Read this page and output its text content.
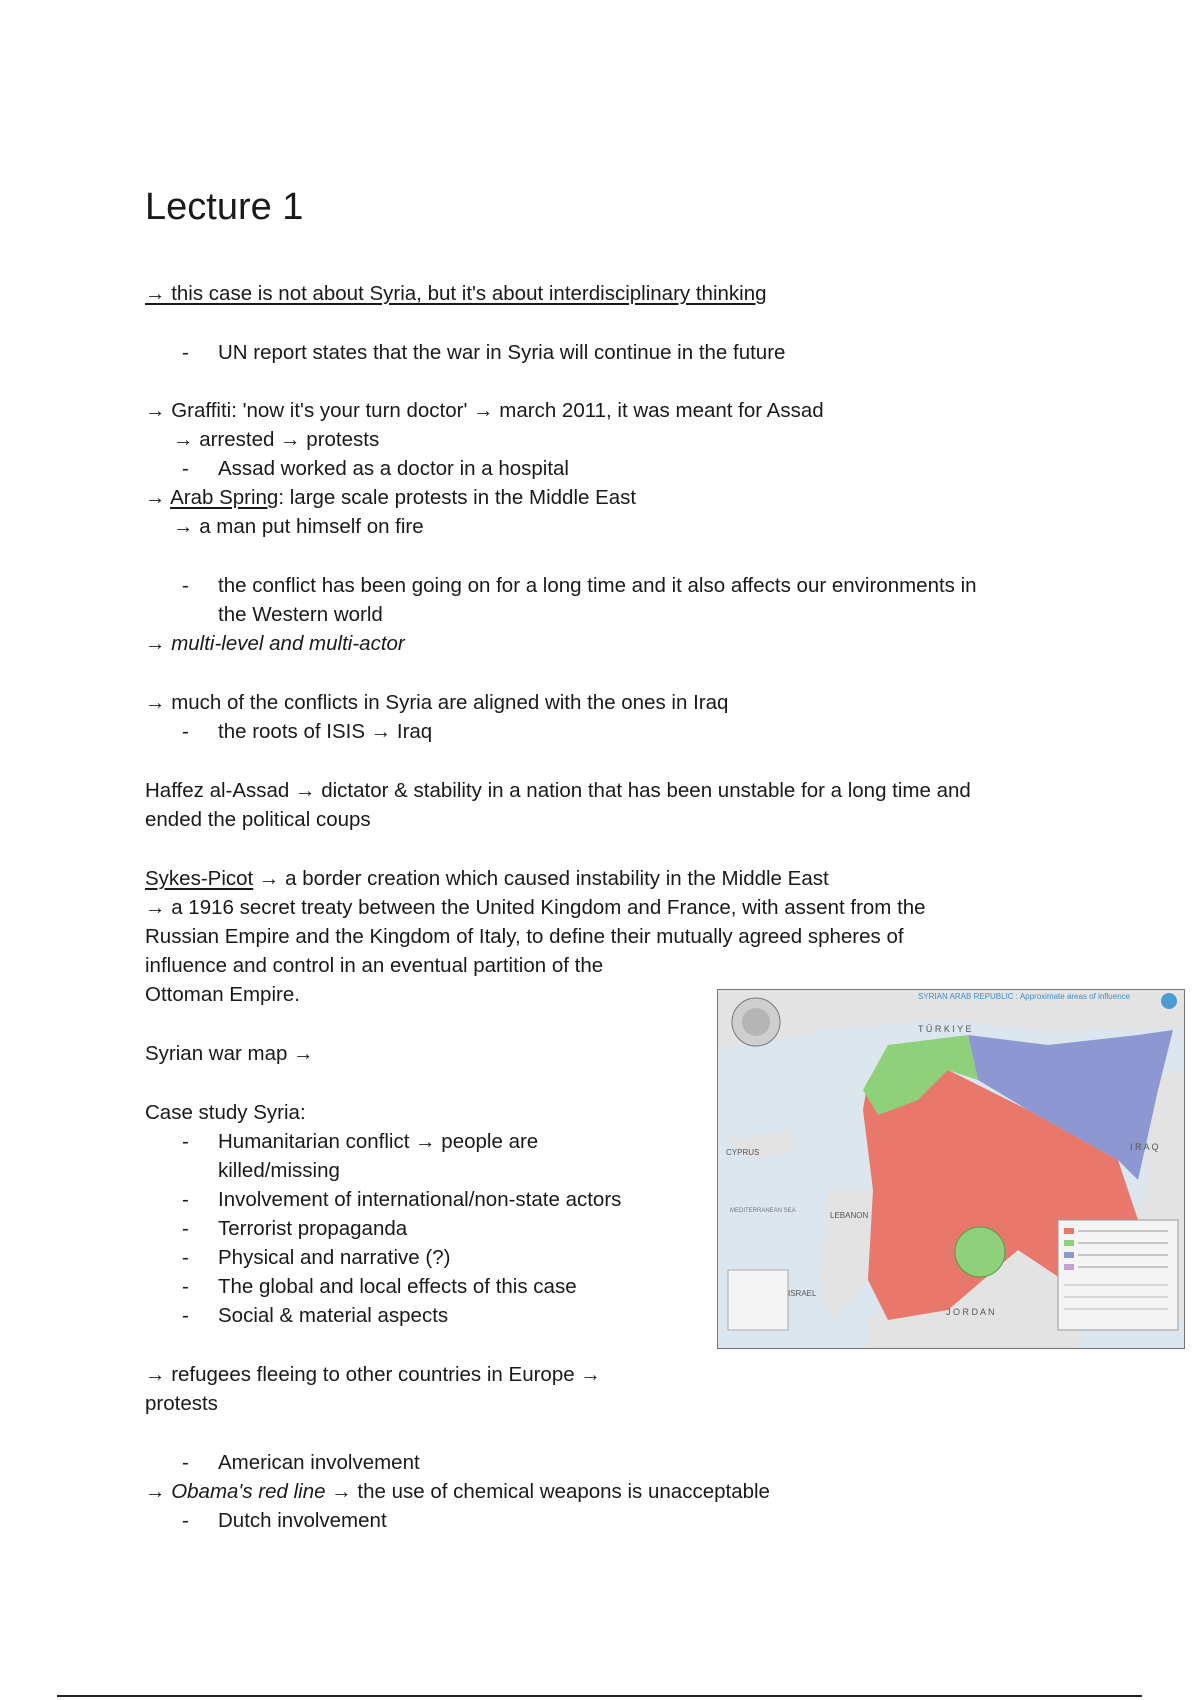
Lecture 1
→ this case is not about Syria, but it's about interdisciplinary thinking
- UN report states that the war in Syria will continue in the future
→ Graffiti: 'now it's your turn doctor' → march 2011, it was meant for Assad
→ arrested → protests
- Assad worked as a doctor in a hospital
→ Arab Spring: large scale protests in the Middle East
→ a man put himself on fire
- the conflict has been going on for a long time and it also affects our environments in
the Western world
→ multi-level and multi-actor
→ much of the conflicts in Syria are aligned with the ones in Iraq
- the roots of ISIS → Iraq
Haffez al-Assad → dictator & stability in a nation that has been unstable for a long time and
ended the political coups
Sykes-Picot → a border creation which caused instability in the Middle East
→ a 1916 secret treaty between the United Kingdom and France, with assent from the
Russian Empire and the Kingdom of Italy, to define their mutually agreed spheres of
influence and control in an eventual partition of the
Ottoman Empire.
Syrian war map →
Case study Syria:
- Humanitarian conflict → people are
killed/missing
- Involvement of international/non-state actors
- Terrorist propaganda
- Physical and narrative (?)
- The global and local effects of this case
- Social & material aspects
→ refugees fleeing to other countries in Europe →
protests
- American involvement
→ Obama's red line → the use of chemical weapons is unacceptable
- Dutch involvement
SYRIAN ARAB REPUBLIC : Approximate areas of influence
T Ü R K I Y E
I R A Q
J O R D A N
CYPRUS
LEBANON
ISRAEL
MEDITERRANEAN SEA
